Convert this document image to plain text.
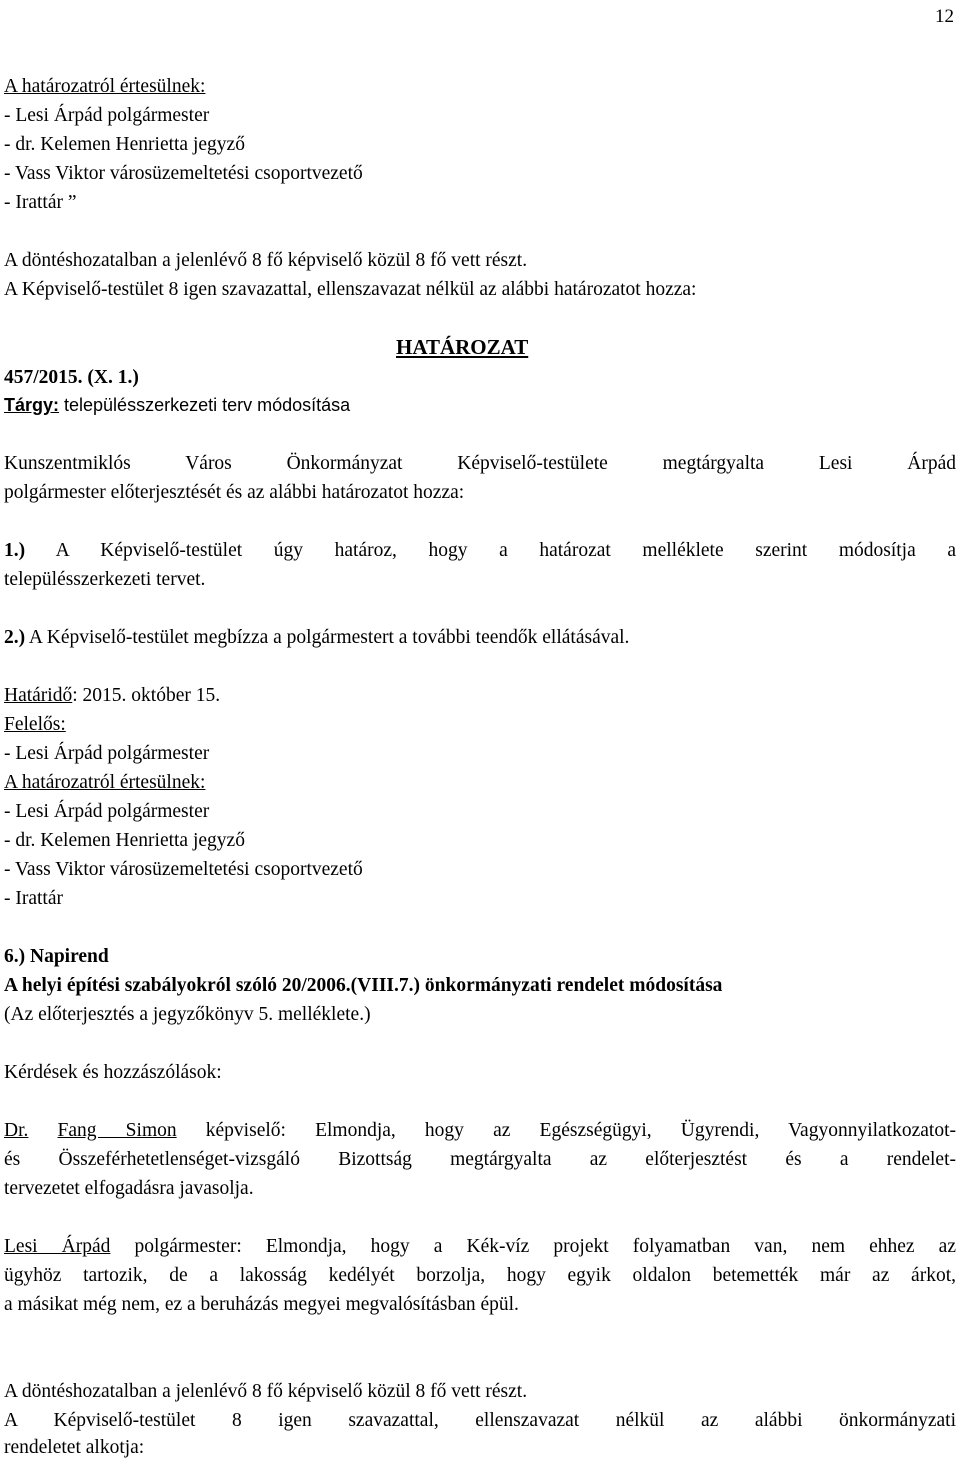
12
A határozatról értesülnek:
- Lesi Árpád polgármester
- dr. Kelemen Henrietta jegyző
- Vass Viktor városüzemeltetési csoportvezető
- Irattár ”
A döntéshozatalban a jelenlévő 8 fő képviselő közül 8 fő vett részt.
A Képviselő-testület 8 igen szavazattal, ellenszavazat nélkül az alábbi határozatot hozza:
HATÁROZAT
457/2015. (X. 1.)
Tárgy: településszerkezeti terv módosítása
Kunszentmiklós Város Önkormányzat Képviselő-testülete megtárgyalta Lesi Árpád
polgármester előterjesztését és az alábbi határozatot hozza:
1.) A Képviselő-testület úgy határoz, hogy a határozat melléklete szerint módosítja a
településszerkezeti tervet.
2.) A Képviselő-testület megbízza a polgármestert a további teendők ellátásával.
Határidő: 2015. október 15.
Felelős:
- Lesi Árpád polgármester
A határozatról értesülnek:
- Lesi Árpád polgármester
- dr. Kelemen Henrietta jegyző
- Vass Viktor városüzemeltetési csoportvezető
- Irattár
6.) Napirend
A helyi építési szabályokról szóló 20/2006.(VIII.7.) önkormányzati rendelet módosítása
(Az előterjesztés a jegyzőkönyv 5. melléklete.)
Kérdések és hozzászólások:
Dr. Fang Simon képviselő: Elmondja, hogy az Egészségügyi, Ügyrendi, Vagyonnyilatkozatot-
és Összeférhetetlenséget-vizsgáló Bizottság megtárgyalta az előterjesztést és a rendelet-
tervezetet elfogadásra javasolja.
Lesi Árpád polgármester: Elmondja, hogy a Kék-víz projekt folyamatban van, nem ehhez az
ügyhöz tartozik, de a lakosság kedélyét borzolja, hogy egyik oldalon betemették már az árkot,
a másikat még nem, ez a beruházás megyei megvalósításban épül.
A döntéshozatalban a jelenlévő 8 fő képviselő közül 8 fő vett részt.
A Képviselő-testület 8 igen szavazattal, ellenszavazat nélkül az alábbi önkormányzati
rendeletet alkotja:
